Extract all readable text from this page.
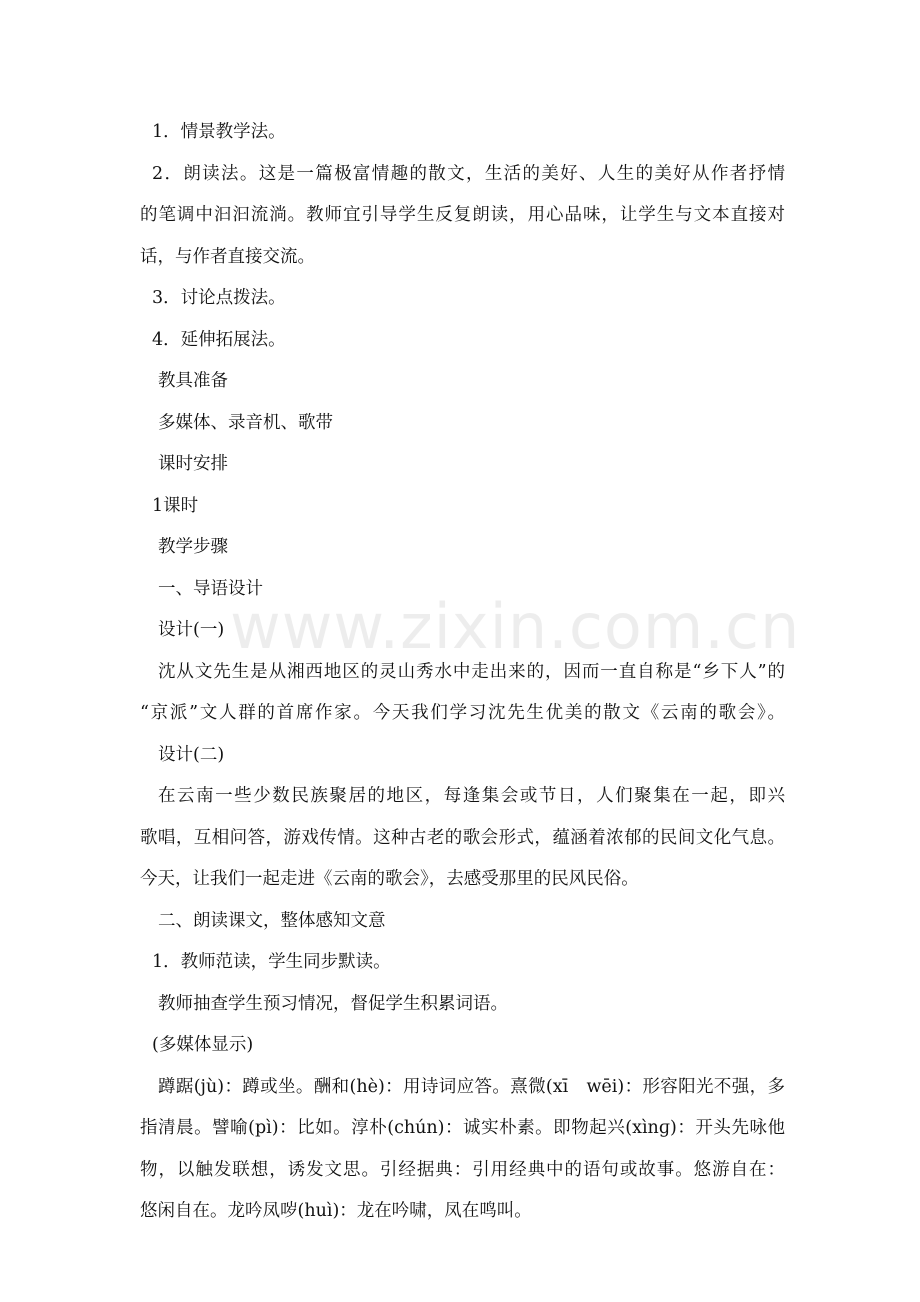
www.zixin.com.cn
1．情景教学法。
2．朗读法。这是一篇极富情趣的散文，生活的美好、人生的美好从作者抒情
的笔调中汩汩流淌。教师宜引导学生反复朗读，用心品味，让学生与文本直接对
话，与作者直接交流。
3．讨论点拨法。
4．延伸拓展法。
教具准备
多媒体、录音机、歌带
课时安排
1课时
教学步骤
一、导语设计
设计(一)
沈从文先生是从湘西地区的灵山秀水中走出来的，因而一直自称是“乡下人”的
“京派”文人群的首席作家。今天我们学习沈先生优美的散文《云南的歌会》。
设计(二)
在云南一些少数民族聚居的地区，每逢集会或节日，人们聚集在一起，即兴
歌唱，互相问答，游戏传情。这种古老的歌会形式，蕴涵着浓郁的民间文化气息。
今天，让我们一起走进《云南的歌会》，去感受那里的民风民俗。
二、朗读课文，整体感知文意
1．教师范读，学生同步默读。
教师抽查学生预习情况，督促学生积累词语。
(多媒体显示)
蹲踞(jù)：蹲或坐。酬和(hè)：用诗词应答。熹微(xī　wēi)：形容阳光不强，多
指清晨。譬喻(pì)：比如。淳朴(chún)：诚实朴素。即物起兴(xìnɡ)：开头先咏他
物，以触发联想，诱发文思。引经据典：引用经典中的语句或故事。悠游自在：
悠闲自在。龙吟凤哕(huì)：龙在吟啸，凤在鸣叫。
